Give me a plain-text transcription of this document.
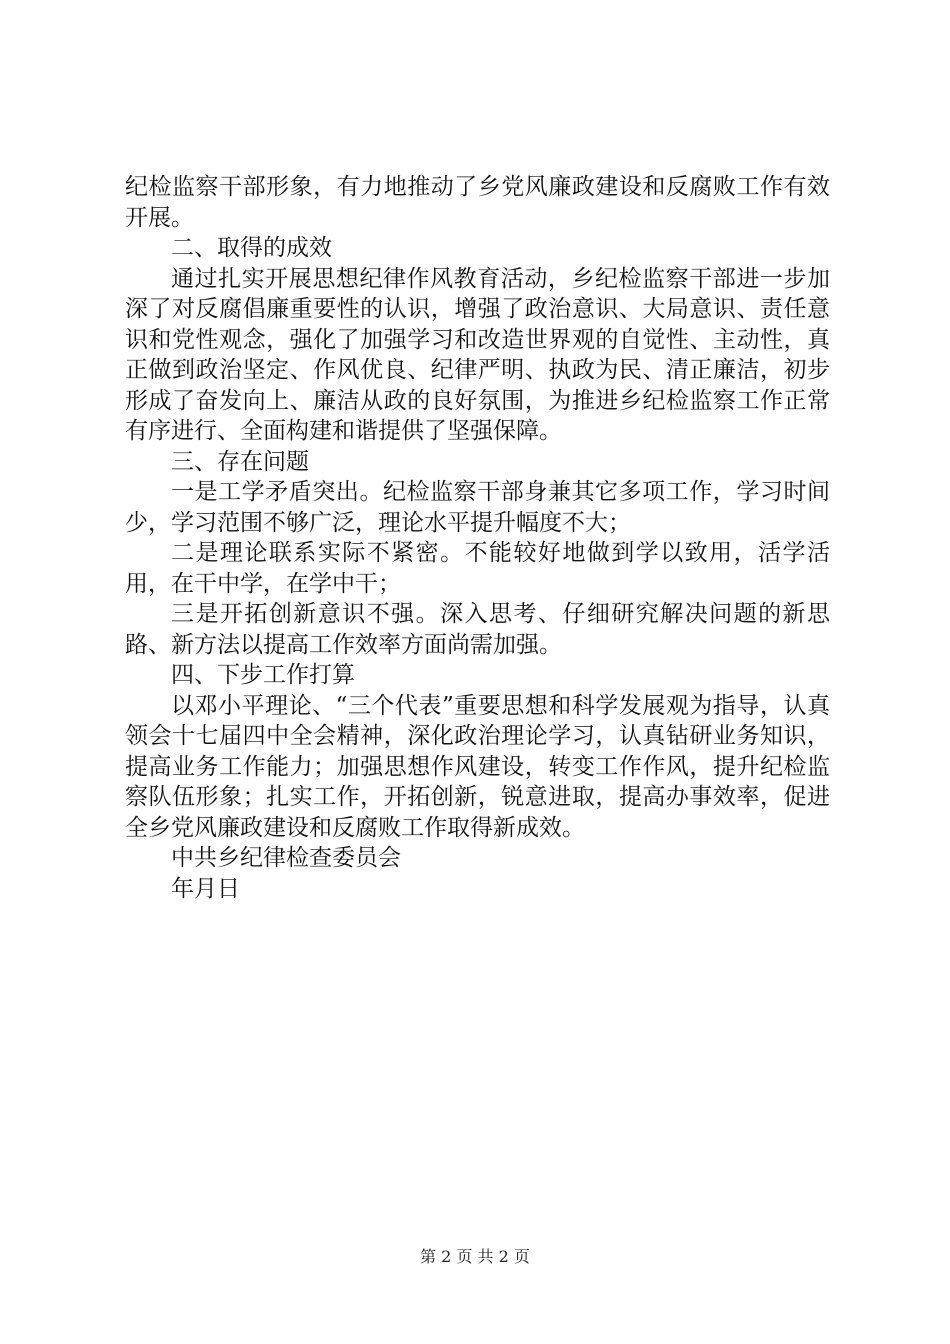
纪检监察干部形象，有力地推动了乡党风廉政建设和反腐败工作有效开展。

二、取得的成效

通过扎实开展思想纪律作风教育活动，乡纪检监察干部进一步加深了对反腐倡廉重要性的认识，增强了政治意识、大局意识、责任意识和党性观念，强化了加强学习和改造世界观的自觉性、主动性，真正做到政治坚定、作风优良、纪律严明、执政为民、清正廉洁，初步形成了奋发向上、廉洁从政的良好氛围，为推进乡纪检监察工作正常有序进行、全面构建和谐提供了坚强保障。

三、存在问题

一是工学矛盾突出。纪检监察干部身兼其它多项工作，学习时间少，学习范围不够广泛，理论水平提升幅度不大；

二是理论联系实际不紧密。不能较好地做到学以致用，活学活用，在干中学，在学中干；

三是开拓创新意识不强。深入思考、仔细研究解决问题的新思路、新方法以提高工作效率方面尚需加强。

四、下步工作打算

以邓小平理论、“三个代表”重要思想和科学发展观为指导，认真领会十七届四中全会精神，深化政治理论学习，认真钻研业务知识，提高业务工作能力；加强思想作风建设，转变工作作风，提升纪检监察队伍形象；扎实工作，开拓创新，锐意进取，提高办事效率，促进全乡党风廉政建设和反腐败工作取得新成效。

中共乡纪律检查委员会

年月日

第 2 页 共 2 页
